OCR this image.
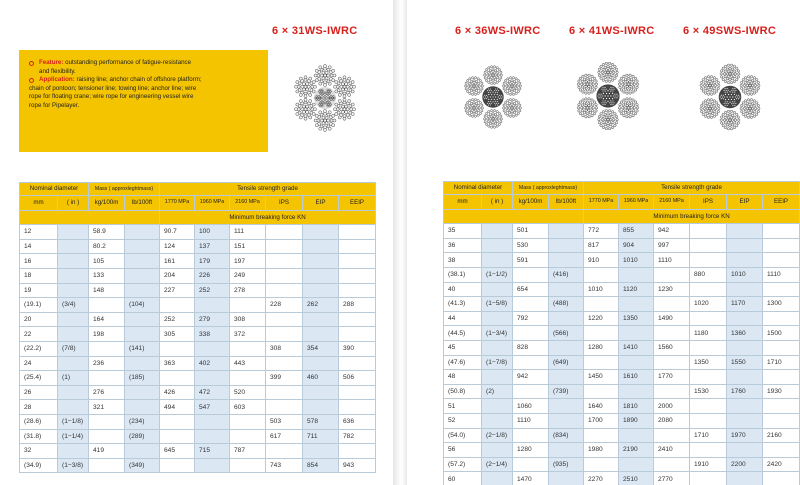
6 × 31WS-IWRC
Feature: outstanding performance of fatigue-resistance
and flexibility.
Application: raising line; anchor chain of offshore platform;
chain of pontoon; tensioner line; towing line; anchor line; wire
rope for floating crane; wire rope for engineering vessel wire
rope for Pipelayer.
Nominal diameter		Mass ( approxleghtmass)		Tensile strength grade					
mm	( in )	kg/100m	lb/100ft	1770 MPa	1960 MPa	2160 MPa	IPS	EIP	EEIP
				Minimum breaking force KN					
12		58.9		90.7	100	111			
14		80.2		124	137	151			
16		105		161	179	197			
18		133		204	226	249			
19		148		227	252	278			
(19.1)	(3/4)		(104)				228	262	288
20		164		252	279	308			
22		198		305	338	372			
(22.2)	(7/8)		(141)				308	354	390
24		236		363	402	443			
(25.4)	(1)		(185)				399	460	506
26		276		426	472	520			
28		321		494	547	603			
(28.6)	(1−1/8)		(234)				503	578	636
(31.8)	(1−1/4)		(289)				617	711	782
32		419		645	715	787			
(34.9)	(1−3/8)		(349)				743	854	943
6 × 36WS-IWRC	6 × 41WS-IWRC	6 × 49SWS-IWRC
Nominal diameter		Mass ( approxleghtmass)		Tensile strength grade					
mm	( in )	kg/100m	lb/100ft	1770 MPa	1960 MPa	2160 MPa	IPS	EIP	EEIP
				Minimum breaking force KN					
35		501		772	855	942			
36		530		817	904	997			
38		591		910	1010	1110			
(38.1)	(1−1/2)		(416)				880	1010	1110
40		654		1010	1120	1230			
(41.3)	(1−5/8)		(488)				1020	1170	1300
44		792		1220	1350	1490			
(44.5)	(1−3/4)		(566)				1180	1360	1500
45		828		1280	1410	1560			
(47.6)	(1−7/8)		(649)				1350	1550	1710
48		942		1450	1610	1770			
(50.8)	(2)		(739)				1530	1760	1930
51		1060		1640	1810	2000			
52		1110		1700	1890	2080			
(54.0)	(2−1/8)		(834)				1710	1970	2160
56		1280		1980	2190	2410			
(57.2)	(2−1/4)		(935)				1910	2200	2420
60		1470		2270	2510	2770			
